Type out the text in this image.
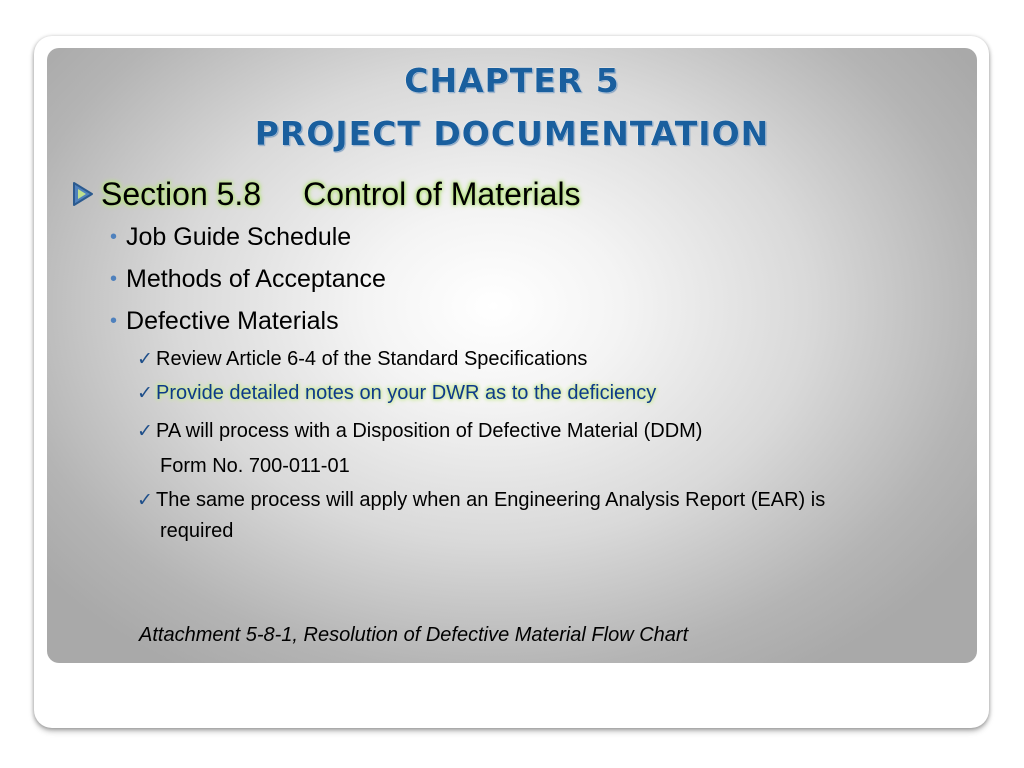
CHAPTER 5
PROJECT DOCUMENTATION
Section 5.8 Control of Materials
• Job Guide Schedule
• Methods of Acceptance
• Defective Materials
✓ Review Article 6-4 of the Standard Specifications
✓ Provide detailed notes on your DWR as to the deficiency
✓ PA will process with a Disposition of Defective Material (DDM)
Form No. 700-011-01
✓ The same process will apply when an Engineering Analysis Report (EAR) is
required
Attachment 5-8-1, Resolution of Defective Material Flow Chart
